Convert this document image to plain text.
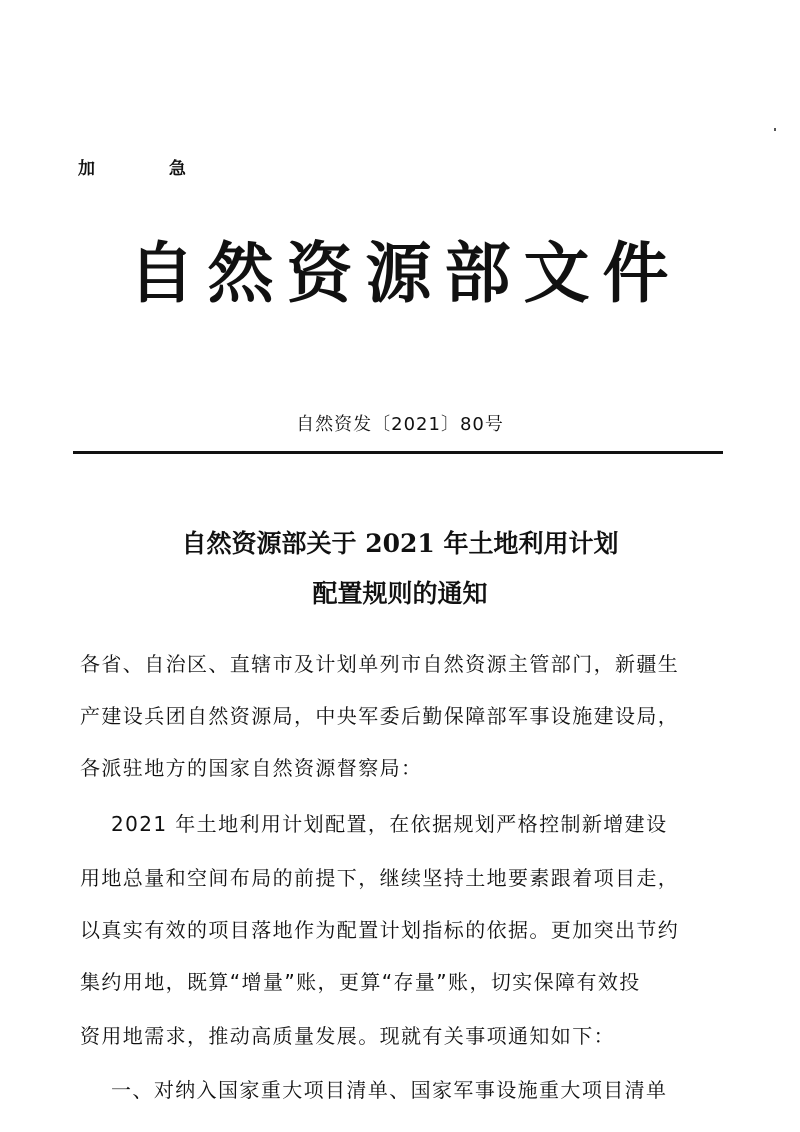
加 急
自然资源部文件
自然资发〔2021〕80号
自然资源部关于 2021 年土地利用计划
配置规则的通知
各省、自治区、直辖市及计划单列市自然资源主管部门，新疆生
产建设兵团自然资源局，中央军委后勤保障部军事设施建设局，
各派驻地方的国家自然资源督察局：
2021 年土地利用计划配置，在依据规划严格控制新增建设
用地总量和空间布局的前提下，继续坚持土地要素跟着项目走，
以真实有效的项目落地作为配置计划指标的依据。更加突出节约
集约用地，既算“增量”账，更算“存量”账，切实保障有效投
资用地需求，推动高质量发展。现就有关事项通知如下：
一、对纳入国家重大项目清单、国家军事设施重大项目清单
